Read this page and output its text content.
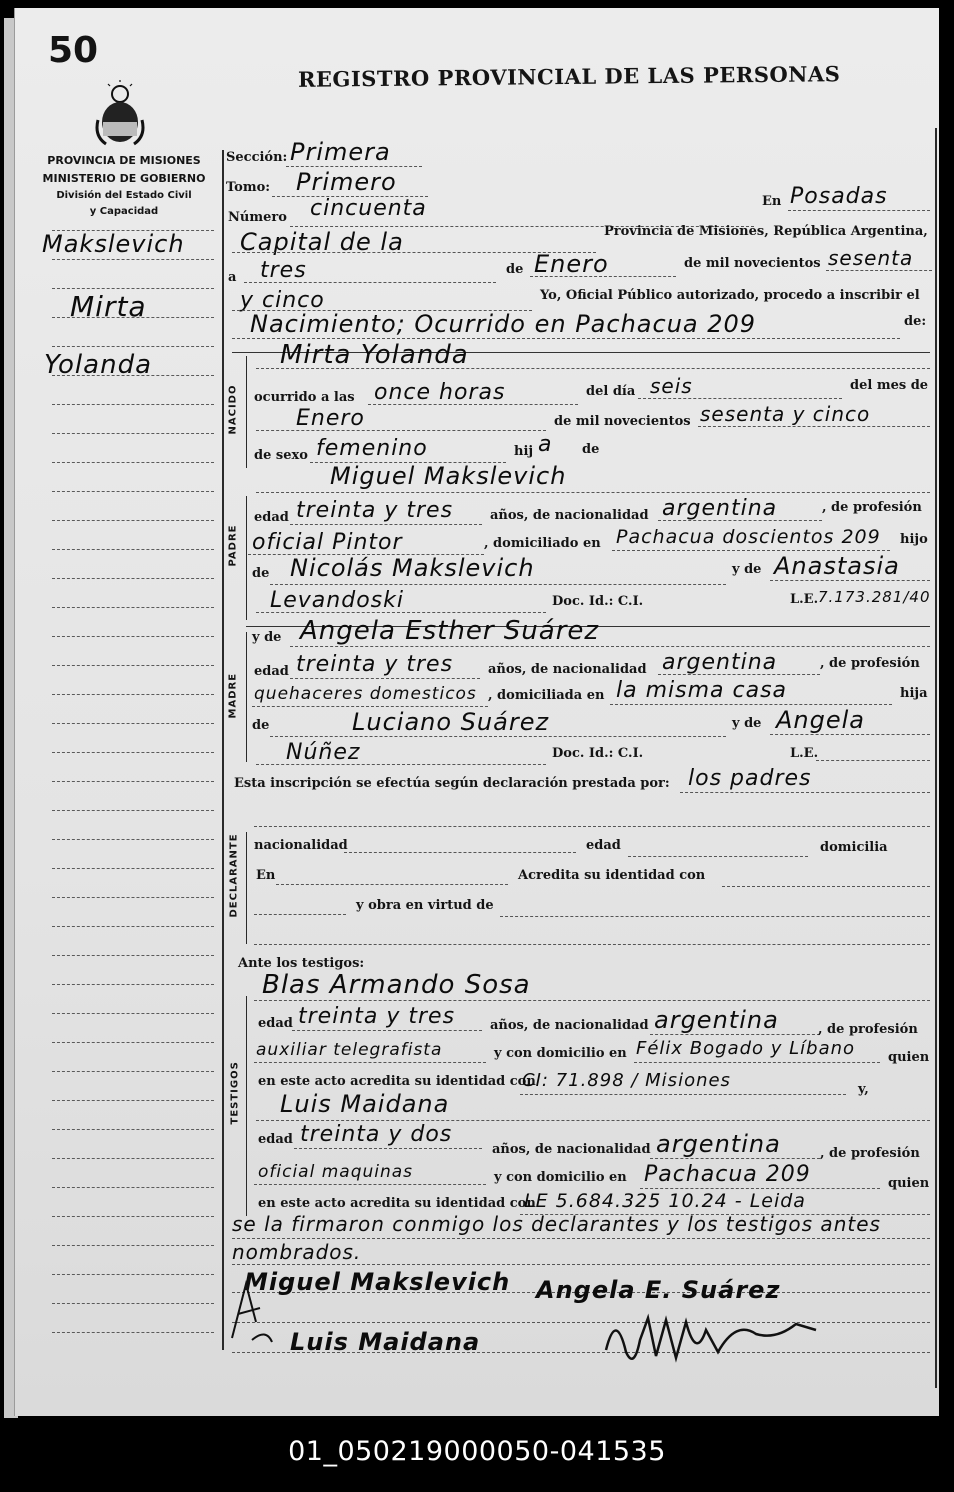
50
REGISTRO PROVINCIAL DE LAS PERSONAS
PROVINCIA DE MISIONES
MINISTERIO DE GOBIERNO
División del Estado Civil
y Capacidad
Makslevich
Mirta
Yolanda
NACIDO
PADRE
MADRE
DECLARANTE
TESTIGOS
Sección: Primera
Tomo: Primero
Número cincuenta	En Posadas
Capital de la	Provincia de Misiones, República Argentina,
a tres	de Enero	de mil novecientos sesenta
y cinco	Yo, Oficial Público autorizado, procedo a inscribir el
Nacimiento; Ocurrido en Pachacua 209	de:
Mirta Yolanda
ocurrido a las once horas	del día seis	del mes de
Enero	de mil novecientos sesenta y cinco
de sexo femenino	hij a de
Miguel Makslevich
edad treinta y tres	años, de nacionalidad argentina	, de profesión
oficial Pintor	, domiciliado en Pachacua doscientos 209 hijo
de Nicolás Makslevich	y de Anastasia
Levandoski	Doc. Id.: C.I.	L.E. 7.173.281/40
y de Angela Esther Suárez
edad treinta y tres	años, de nacionalidad argentina	, de profesión
quehaceres domesticos , domiciliada en la misma casa	hija
de	Luciano Suárez	y de Angela
Núñez	Doc. Id.: C.I.	L.E.
Esta inscripción se efectúa según declaración prestada por: los padres
nacionalidad	edad	domicilia
En	Acredita su identidad con
y obra en virtud de
Ante los testigos:
Blas Armando Sosa
edad treinta y tres	años, de nacionalidad argentina	, de profesión
auxiliar telegrafista	y con domicilio en Félix Bogado y Líbano	quien
en este acto acredita su identidad con
CI: 71.898 / Misiones	y,
Luis Maidana
edad treinta y dos
años, de nacionalidad argentina	, de profesión
oficial maquinas	y con domicilio en Pachacua 209	quien
en este acto acredita su identidad con
LE 5.684.325 10.24 - Leida
se la firmaron conmigo los declarantes y los testigos antes
nombrados.
Miguel Makslevich Angela E. Suárez
Luis Maidana
01_050219000050-041535
